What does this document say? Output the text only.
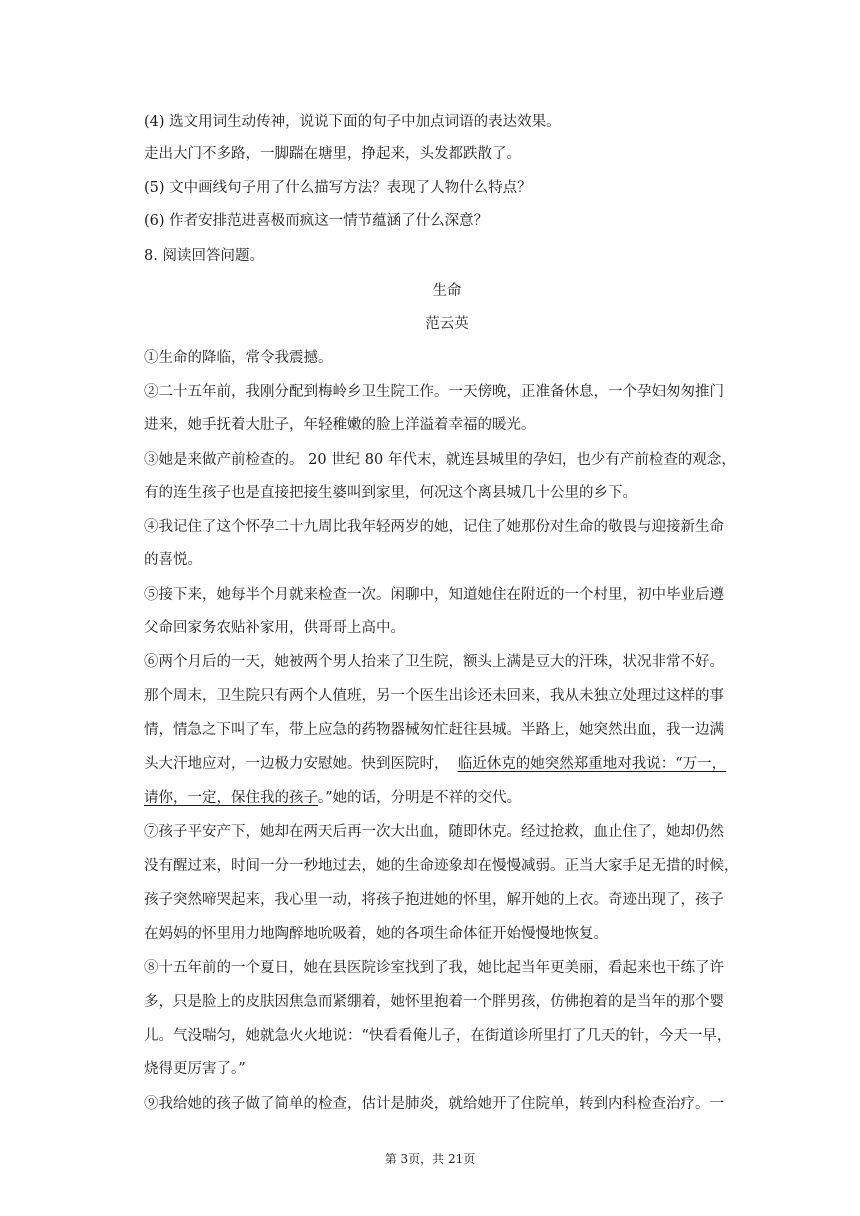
(4) 选文用词生动传神，说说下面的句子中加点词语的表达效果。
走出大门不多路，一脚踹在塘里，挣起来，头发都跌散了。
(5) 文中画线句子用了什么描写方法？表现了人物什么特点？
(6) 作者安排范进喜极而疯这一情节蕴涵了什么深意？
8. 阅读回答问题。
生命
范云英
①生命的降临，常令我震撼。
②二十五年前，我刚分配到梅岭乡卫生院工作。一天傍晚，正准备休息，一个孕妇匆匆推门
进来，她手抚着大肚子，年轻稚嫩的脸上洋溢着幸福的暖光。
③她是来做产前检查的。 20 世纪 80 年代末，就连县城里的孕妇，也少有产前检查的观念，
有的连生孩子也是直接把接生婆叫到家里，何况这个离县城几十公里的乡下。
④我记住了这个怀孕二十九周比我年轻两岁的她，记住了她那份对生命的敬畏与迎接新生命
的喜悦。
⑤接下来，她每半个月就来检查一次。闲聊中，知道她住在附近的一个村里，初中毕业后遵
父命回家务农贴补家用，供哥哥上高中。
⑥两个月后的一天，她被两个男人抬来了卫生院，额头上满是豆大的汗珠，状况非常不好。
那个周末，卫生院只有两个人值班，另一个医生出诊还未回来，我从未独立处理过这样的事
情，情急之下叫了车，带上应急的药物器械匆忙赶往县城。半路上，她突然出血，我一边满
头大汗地应对，一边极力安慰她。快到医院时，  临近休克的她突然郑重地对我说：“万一，
请你，一定，保住我的孩子。”她的话，分明是不祥的交代。
⑦孩子平安产下，她却在两天后再一次大出血，随即休克。经过抢救，血止住了，她却仍然
没有醒过来，时间一分一秒地过去，她的生命迹象却在慢慢减弱。正当大家手足无措的时候，
孩子突然啼哭起来，我心里一动，将孩子抱进她的怀里，解开她的上衣。奇迹出现了，孩子
在妈妈的怀里用力地陶醉地吮吸着，她的各项生命体征开始慢慢地恢复。
⑧十五年前的一个夏日，她在县医院诊室找到了我，她比起当年更美丽，看起来也干练了许
多，只是脸上的皮肤因焦急而紧绷着，她怀里抱着一个胖男孩，仿佛抱着的是当年的那个婴
儿。气没喘匀，她就急火火地说：“快看看俺儿子，在街道诊所里打了几天的针，今天一早，
烧得更厉害了。”
⑨我给她的孩子做了简单的检查，估计是肺炎，就给她开了住院单，转到内科检查治疗。一
第 3页，共 21页
